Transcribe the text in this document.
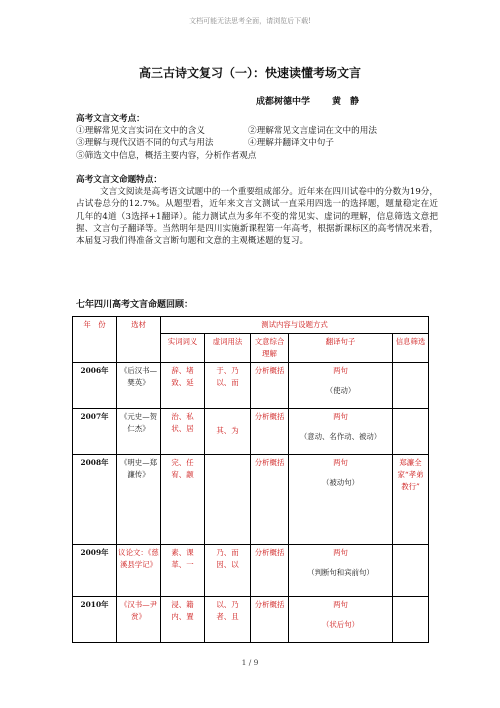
文档可能无法思考全面，请浏览后下载!
高三古诗文复习（一）：快速读懂考场文言
成都树德中学 黄　静
高考文言文考点：
①理解常见文言实词在文中的含义	②理解常见文言虚词在文中的用法
③理解与现代汉语不同的句式与用法	④理解并翻译文中句子
⑤筛选文中信息，概括主要内容，分析作者观点
高考文言文命题特点：
文言文阅读是高考语文试题中的一个重要组成部分。近年来在四川试卷中的分数为19分，占试卷总分的12.7%。从题型看，近年来文言文测试一直采用四选一的选择题，题量稳定在近几年的4道（3选择+1翻译）。能力测试点为多年不变的常见实、虚词的理解，信息筛选文意把握、文言句子翻译等。当然明年是四川实施新课程第一年高考，根据新课标区的高考情况来看，本届复习我们得准备文言断句题和文意的主观概述题的复习。
七年四川高考文言命题回顾：
年　份	选材	测试内容与设题方式				
		实词词义	虚词用法	文意综合理解	翻译句子	信息筛选
2006年	《后汉书—樊英》	辞、堵　致、延	于、乃　以、而	分析概括	两句
（使动）	

2007年	《元史—贺仁杰》	治、私　状、居	其、为	分析概括	两句
（意动、名作动、被动）	

2008年	《明史—郑濂传》	完、任　宥、颛		分析概括	两句
（被动句）	郑濂全家“孝弟教行”
2009年	议论文：《慈溪县学记》	素、课　革、一	乃、而　因、以	分析概括	两句
（判断句和宾前句）	

2010年	《汉书—尹赏》	浸、籍　内、置	以、乃　者、且	分析概括	两句
（状后句）	

1 / 9
